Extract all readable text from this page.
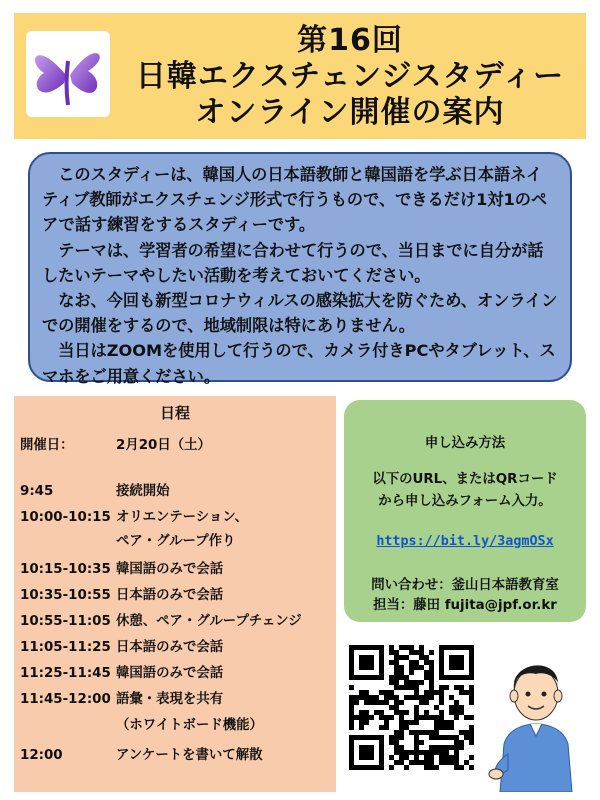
第16回
日韓エクスチェンジスタディー
オンライン開催の案内

このスタディーは、韓国人の日本語教師と韓国語を学ぶ日本語ネイティブ教師がエクスチェンジ形式で行うもので、できるだけ1対1のペアで話す練習をするスタディーです。

テーマは、学習者の希望に合わせて行うので、当日までに自分が話したいテーマやしたい活動を考えておいてください。

なお、今回も新型コロナウィルスの感染拡大を防ぐため、オンラインでの開催をするので、地域制限は特にありません。

当日はZOOMを使用して行うので、カメラ付きPCやタブレット、スマホをご用意ください。

日程
開催日：	2月20日（土）
9:45	接続開始
10:00-10:15 オリエンテーション、
ペア・グループ作り
10:15-10:35 韓国語のみで会話
10:35-10:55 日本語のみで会話
10:55-11:05 休憩、ペア・グループチェンジ
11:05-11:25 日本語のみで会話
11:25-11:45 韓国語のみで会話
11:45-12:00 語彙・表現を共有
（ホワイトボード機能）
12:00	アンケートを書いて解散
申し込み方法
以下のURL、またはQRコード
から申し込みフォーム入力。
https://bit.ly/3agmOSx
問い合わせ：釜山日本語教育室
担当：藤田 fujita@jpf.or.kr
